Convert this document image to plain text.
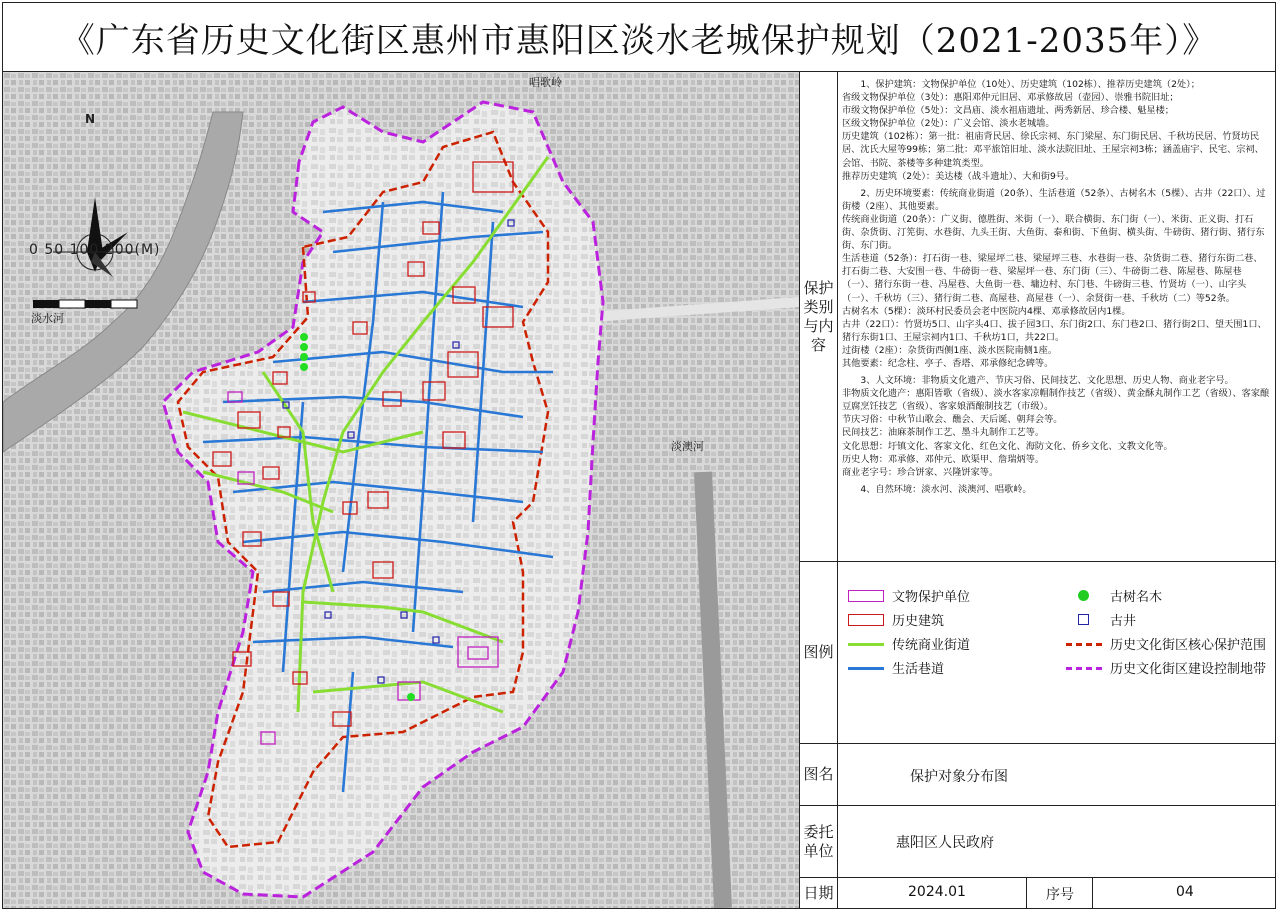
《广东省历史文化街区惠州市惠阳区淡水老城保护规划（2021-2035年）》
N
0 50 100 200(M)
淡水河
淡澳河
唱歌岭
保护类别与内容

1、保护建筑：文物保护单位（10处）、历史建筑（102栋）、推荐历史建筑（2处）；
省级文物保护单位（3处）：惠阳邓仲元旧居、邓承修故居（壶园）、崇雅书院旧址；
市级文物保护单位（5处）：文昌庙、淡水祖庙遗址、两秀新居、珍合楼、魁星楼；
区级文物保护单位（2处）：广义会馆、淡水老城墙。
历史建筑（102栋）：第一批：祖庙背民居、徐氏宗祠、东门梁屋、东门街民居、千秋坊民居、竹贤坊民居、沈氏大屋等99栋；第二批：邓平旅馆旧址、淡水法院旧址、王屋宗祠3栋；涵盖庙宇、民宅、宗祠、会馆、书院、茶楼等多种建筑类型。
推荐历史建筑（2处）：美达楼（战斗遗址）、大和街9号。

2、历史环境要素：传统商业街道（20条）、生活巷道（52条）、古树名木（5棵）、古井（22口）、过街楼（2座）、其他要素。
传统商业街道（20条）：广义街、德胜街、米街（一）、联合横街、东门街（一）、米街、正义街、打石街、杂货街、汀筅街、水巷街、九头王街、大鱼街、泰和街、下鱼街、横头街、牛磅街、猪行街、猪行东街、东门街。
生活巷道（52条）：打石街一巷、梁屋坪二巷、梁屋坪三巷、水巷街一巷、杂货街二巷、猪行东街二巷、打石街二巷、大安围一巷、牛磅街一巷、梁屋坪一巷、东门街（三）、牛磅街二巷、陈屋巷、陈屋巷（一）、猪行东街一巷、冯屋巷、大鱼街一巷、墉边村、东门巷、牛磅街三巷、竹贤坊（一）、山字头（一）、千秋坊（三）、猪行街二巷、高屋巷、高屋巷（一）、余贤街一巷、千秋坊（二）等52条。
古树名木（5棵）：淡环村民委员会老中医院内4棵、邓承修故居内1棵。
古井（22口）：竹贤坊5口、山字头4口、拔子园3口、东门街2口、东门巷2口、猪行街2口、望天围1口、猪行东街1口、王屋宗祠内1口、千秋坊1口，共22口。
过街楼（2座）：杂货街西侧1座、淡水医院南侧1座。
其他要素：纪念柱、亭子、香塔、邓承修纪念碑等。

3、人文环境：非物质文化遗产、节庆习俗、民间技艺、文化思想、历史人物、商业老字号。
非物质文化遗产：惠阳皆歌（省级）、淡水客家凉帽制作技艺（省级）、黄金酥丸制作工艺（省级）、客家酿豆腐烹饪技艺（省级）、客家娘酒酿制技艺（市级）。
节庆习俗：中秋节山歌会、醮会、天后诞、朝拜会等。
民间技艺：油麻茶制作工艺、墨斗丸制作工艺等。
文化思想：圩镇文化、客家文化、红色文化、海防文化、侨乡文化、文教文化等。
历史人物：邓承修、邓仲元、欧渠甲、詹瑞炳等。
商业老字号：珍合饼家、兴隆饼家等。

4、自然环境：淡水河、淡澳河、唱歌岭。

图例
文物保护单位	古树名木
历史建筑	古井
传统商业街道	历史文化街区核心保护范围
生活巷道	历史文化街区建设控制地带
图名	保护对象分布图
委托单位	惠阳区人民政府
日期	2024.01	序号	04
